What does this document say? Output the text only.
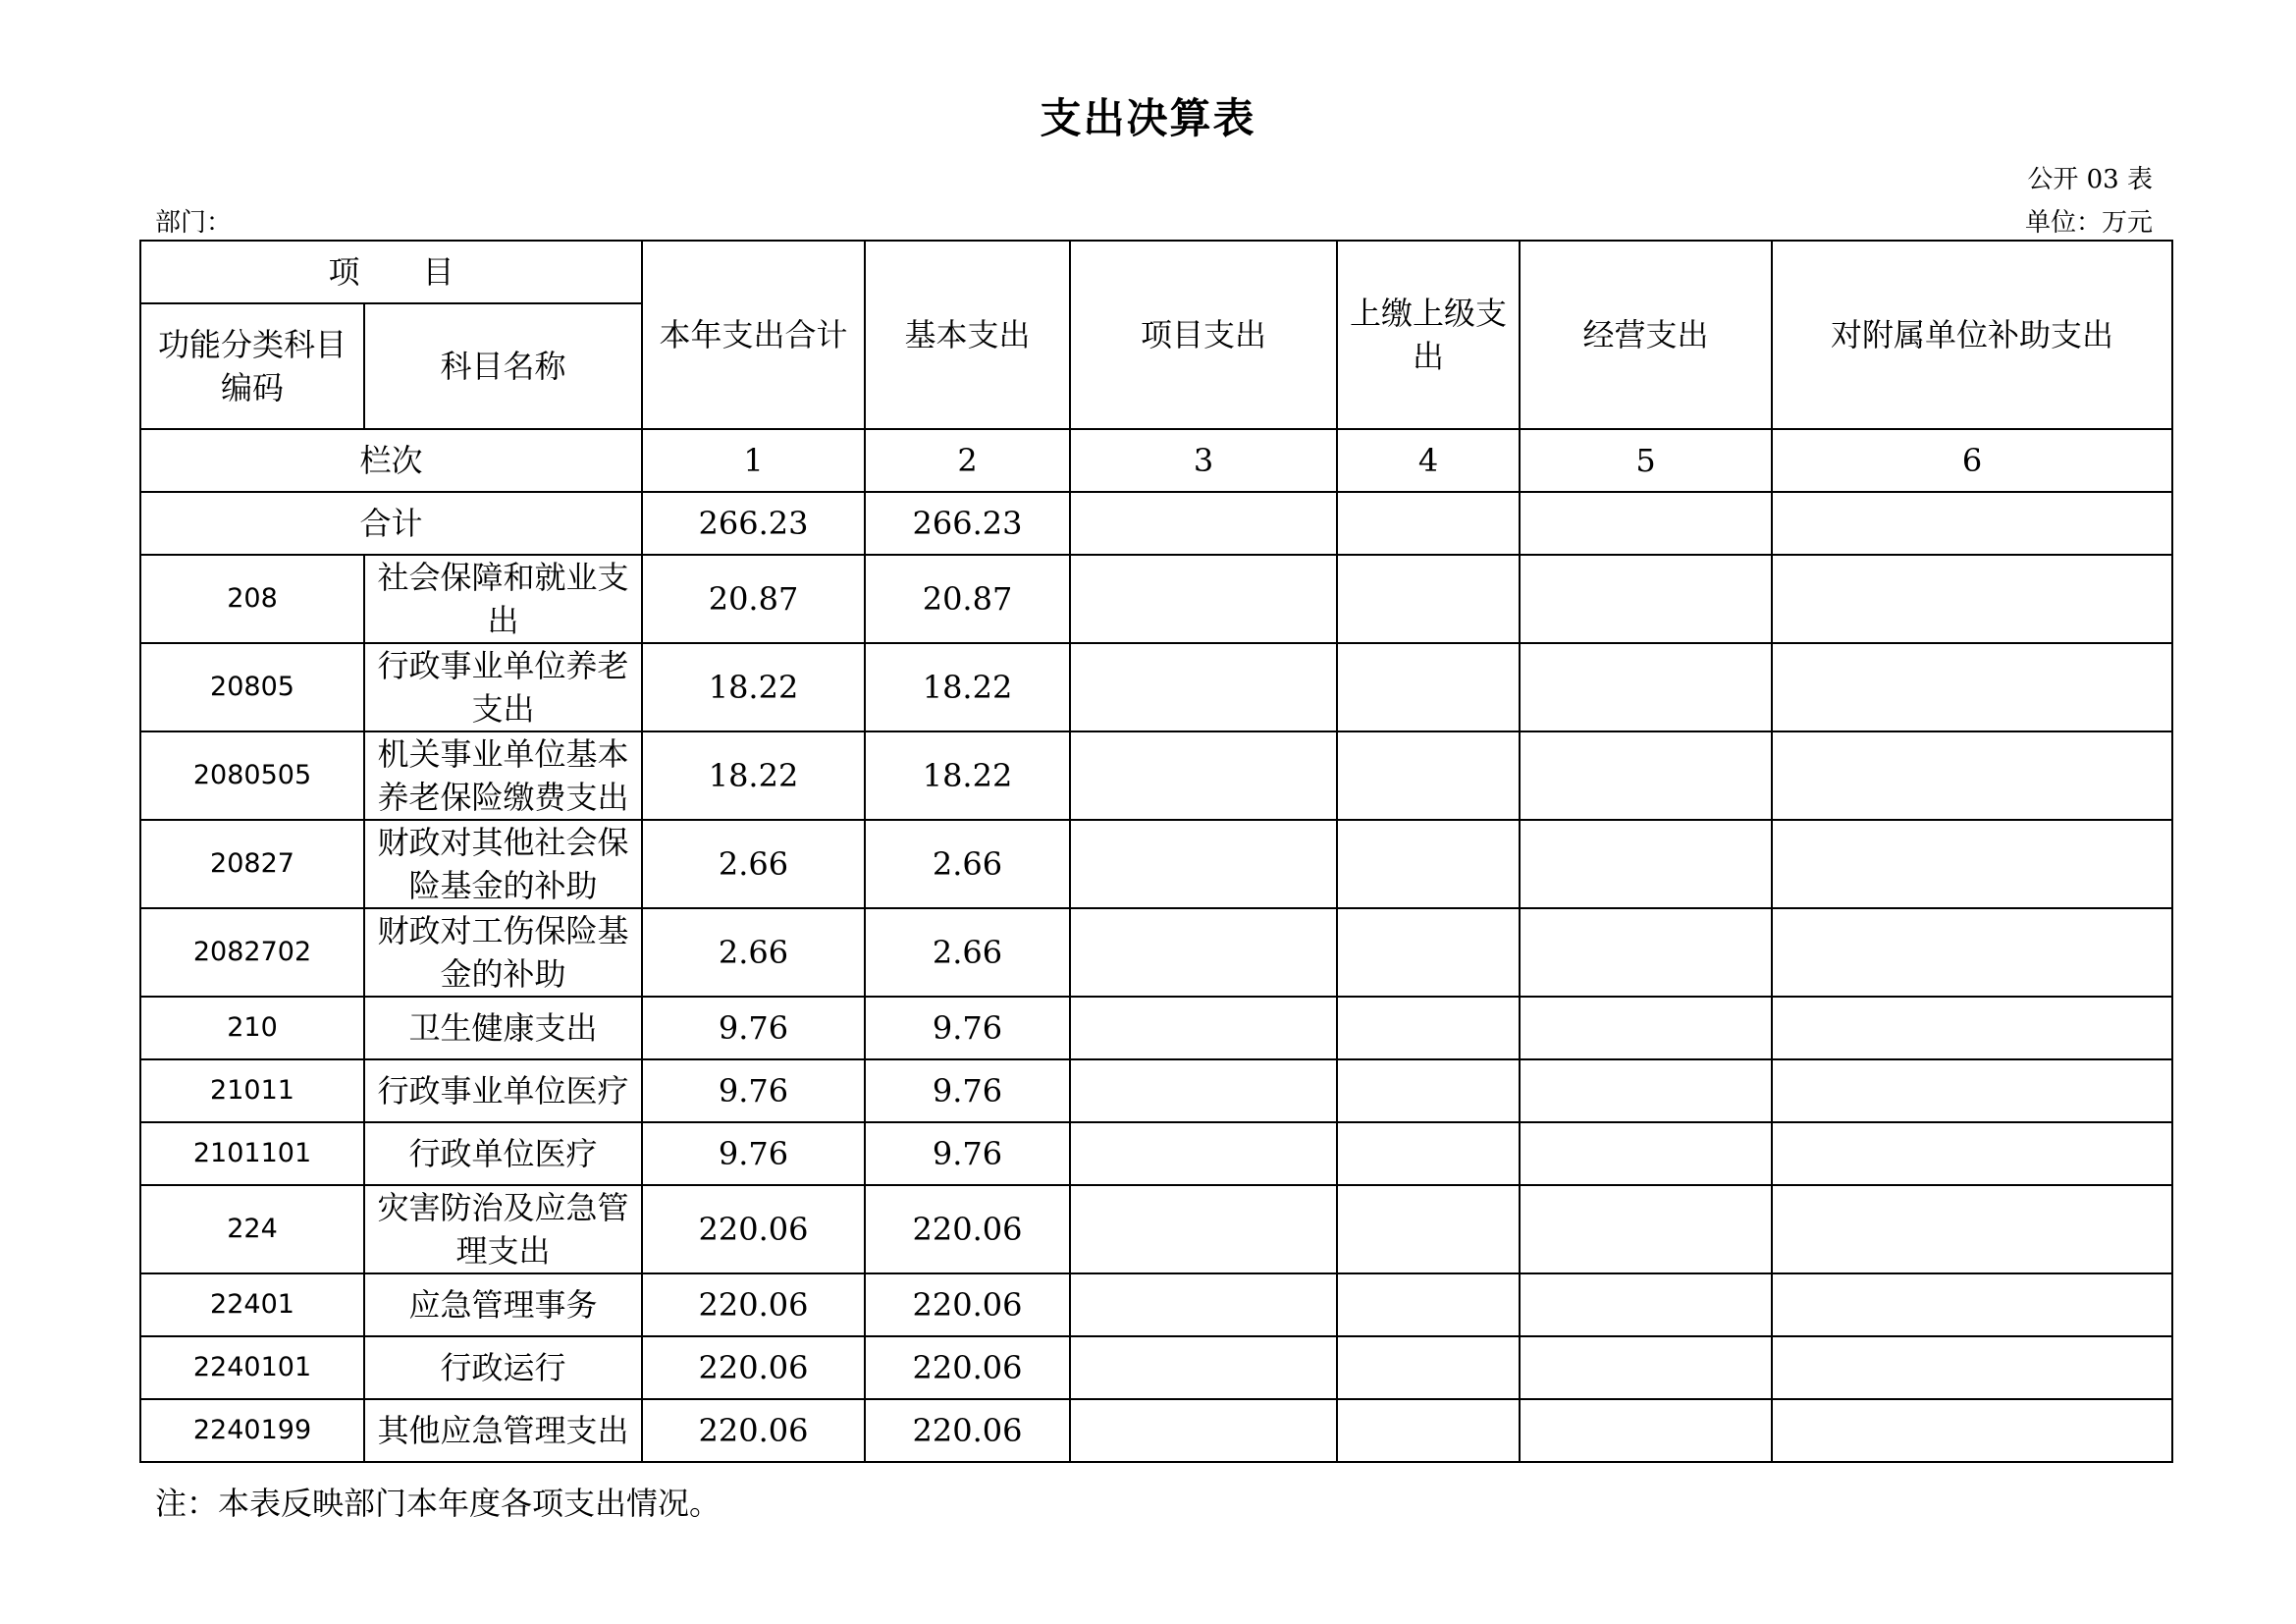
支出决算表
公开 03 表
部门：	单位：万元
项　　目		本年支出合计	基本支出	项目支出	上缴上级支出	经营支出	对附属单位补助支出
功能分类科目编码	科目名称						
栏次		1	2	3	4	5	6
合计		266.23	266.23				
208	社会保障和就业支出	20.87	20.87				
20805	行政事业单位养老支出	18.22	18.22				
2080505	机关事业单位基本养老保险缴费支出	18.22	18.22				
20827	财政对其他社会保险基金的补助	2.66	2.66				
2082702	财政对工伤保险基金的补助	2.66	2.66				
210	卫生健康支出	9.76	9.76				
21011	行政事业单位医疗	9.76	9.76				
2101101	行政单位医疗	9.76	9.76				
224	灾害防治及应急管理支出	220.06	220.06				
22401	应急管理事务	220.06	220.06				
2240101	行政运行	220.06	220.06				
2240199	其他应急管理支出	220.06	220.06				
注：本表反映部门本年度各项支出情况。
